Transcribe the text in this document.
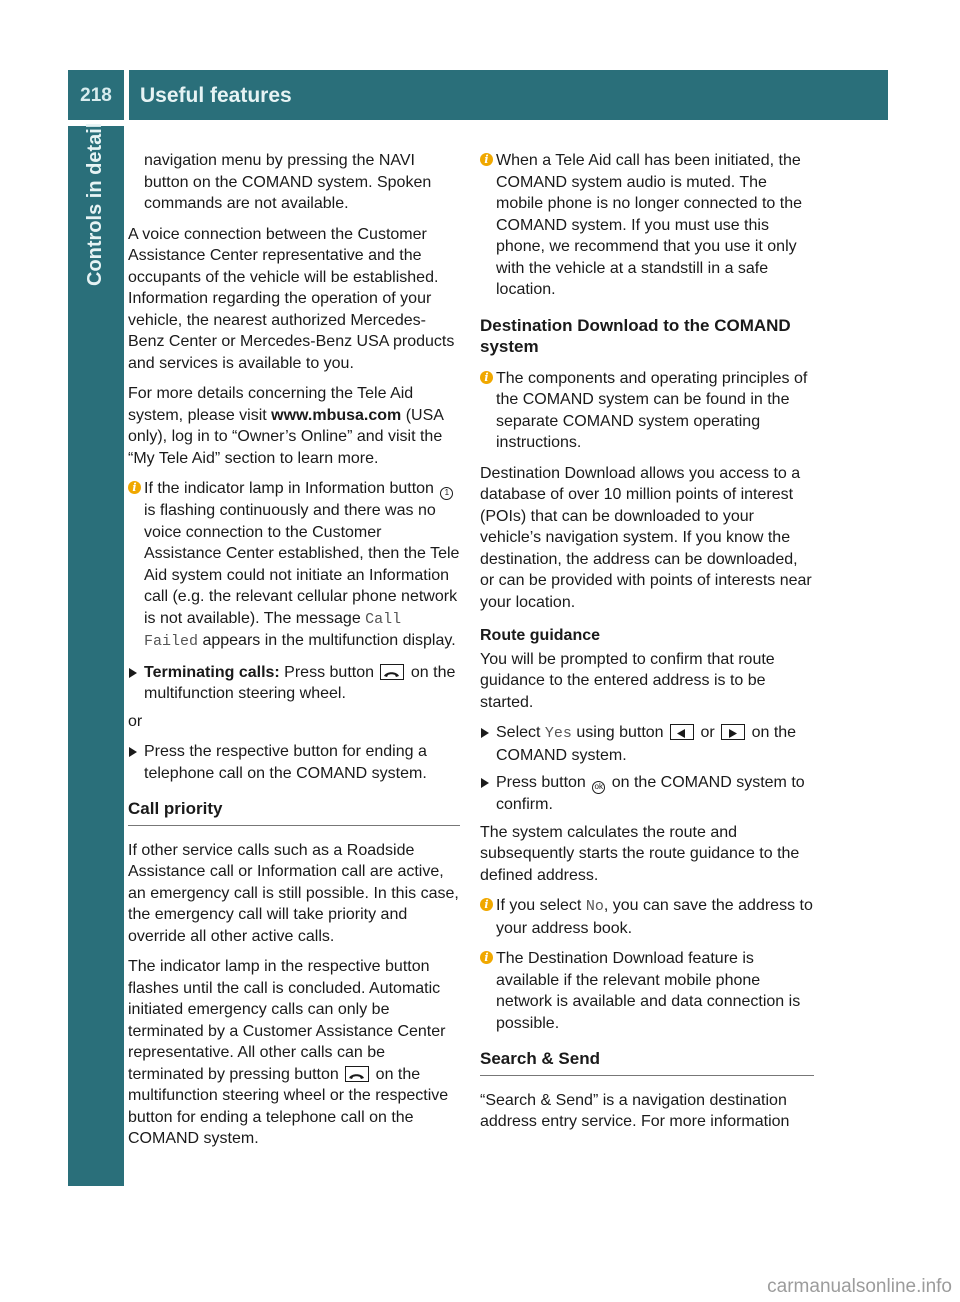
218	Useful features
Controls in detail	navigation menu by pressing the NAVI button on the COMAND system. Spoken commands are not available.

A voice connection between the Customer Assistance Center representative and the occupants of the vehicle will be established. Information regarding the operation of your vehicle, the nearest authorized Mercedes-Benz Center or Mercedes-Benz USA products and services is available to you.

For more details concerning the Tele Aid system, please visit www.mbusa.com (USA only), log in to “Owner’s Online” and visit the “My Tele Aid” section to learn more.

i If the indicator lamp in Information button 1 is flashing continuously and there was no voice connection to the Customer Assistance Center established, then the Tele Aid system could not initiate an Information call (e.g. the relevant cellular phone network is not available). The message Call Failed appears in the multifunction display.
Terminating calls: Press button  on the multifunction steering wheel.

or

Press the respective button for ending a telephone call on the COMAND system.
Call priority

If other service calls such as a Roadside Assistance call or Information call are active, an emergency call is still possible. In this case, the emergency call will take priority and override all other active calls.

The indicator lamp in the respective button flashes until the call is concluded. Automatic initiated emergency calls can only be terminated by a Customer Assistance Center representative. All other calls can be terminated by pressing button  on the multifunction steering wheel or the respective button for ending a telephone call on the COMAND system.

i When a Tele Aid call has been initiated, the COMAND system audio is muted. The mobile phone is no longer connected to the COMAND system. If you must use this phone, we recommend that you use it only with the vehicle at a standstill in a safe location.
Destination Download to the COMAND system
i The components and operating principles of the COMAND system can be found in the separate COMAND system operating instructions.

Destination Download allows you access to a database of over 10 million points of interest (POIs) that can be downloaded to your vehicle’s navigation system. If you know the destination, the address can be downloaded, or can be provided with points of interests near your location.

Route guidance

You will be prompted to confirm that route guidance to the entered address is to be started.

Select Yes using button  or  on the COMAND system.
Press button ok on the COMAND system to confirm.

The system calculates the route and subsequently starts the route guidance to the defined address.

i If you select No, you can save the address to your address book.
i The Destination Download feature is available if the relevant mobile phone network is available and data connection is possible.
Search & Send

“Search & Send” is a navigation destination address entry service. For more information

carmanualsonline.info
